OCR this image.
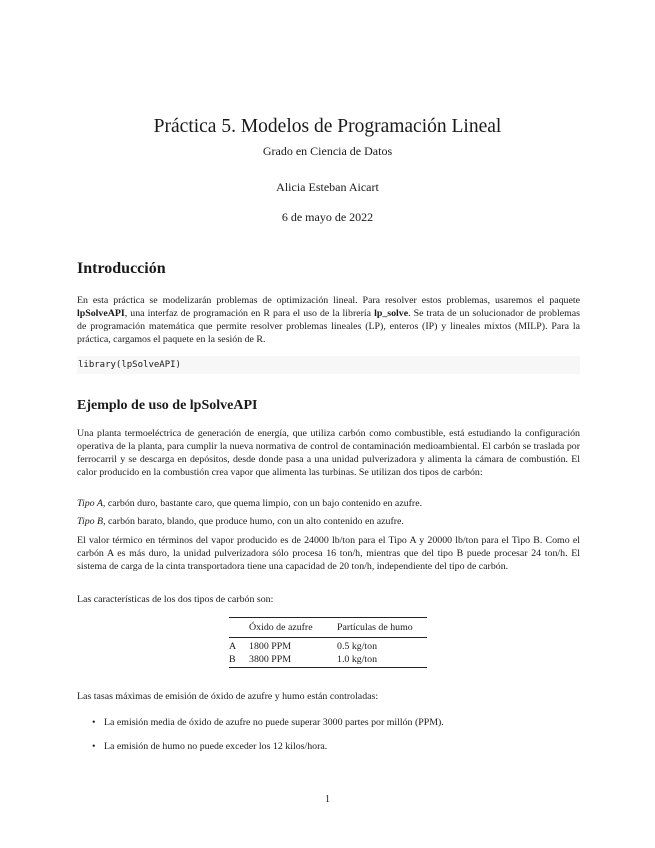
Práctica 5. Modelos de Programación Lineal
Grado en Ciencia de Datos
Alicia Esteban Aicart
6 de mayo de 2022
Introducción
En esta práctica se modelizarán problemas de optimización lineal. Para resolver estos problemas, usaremos el paquete lpSolveAPI, una interfaz de programación en R para el uso de la librería lp_solve. Se trata de un solucionador de problemas de programación matemática que permite resolver problemas lineales (LP), enteros (IP) y lineales mixtos (MILP). Para la práctica, cargamos el paquete en la sesión de R.
library(lpSolveAPI)
Ejemplo de uso de lpSolveAPI
Una planta termoeléctrica de generación de energía, que utiliza carbón como combustible, está estudiando la configuración operativa de la planta, para cumplir la nueva normativa de control de contaminación medioambiental. El carbón se traslada por ferrocarril y se descarga en depósitos, desde donde pasa a una unidad pulverizadora y alimenta la cámara de combustión. El calor producido en la combustión crea vapor que alimenta las turbinas. Se utilizan dos tipos de carbón:
Tipo A, carbón duro, bastante caro, que quema limpio, con un bajo contenido en azufre.
Tipo B, carbón barato, blando, que produce humo, con un alto contenido en azufre.
El valor térmico en términos del vapor producido es de 24000 lb/ton para el Tipo A y 20000 lb/ton para el Tipo B. Como el carbón A es más duro, la unidad pulverizadora sólo procesa 16 ton/h, mientras que del tipo B puede procesar 24 ton/h. El sistema de carga de la cinta transportadora tiene una capacidad de 20 ton/h, independiente del tipo de carbón.
Las características de los dos tipos de carbón son:
Óxido de azufre Partículas de humo
A 1800 PPM	0.5 kg/ton
B 3800 PPM	1.0 kg/ton
Las tasas máximas de emisión de óxido de azufre y humo están controladas:
• La emisión media de óxido de azufre no puede superar 3000 partes por millón (PPM).
• La emisión de humo no puede exceder los 12 kilos/hora.
1
